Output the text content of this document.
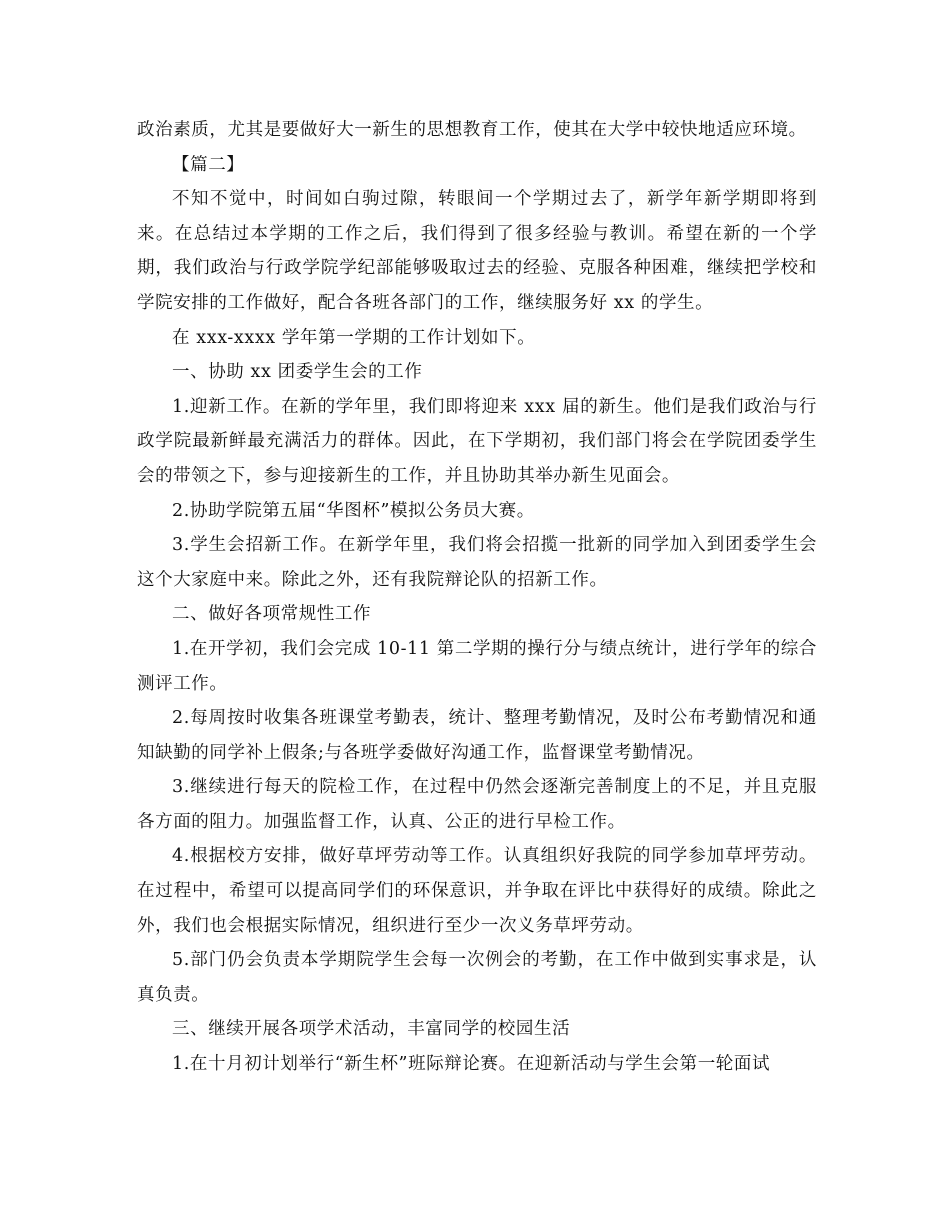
政治素质，尤其是要做好大一新生的思想教育工作，使其在大学中较快地适应环境。

【篇二】

不知不觉中，时间如白驹过隙，转眼间一个学期过去了，新学年新学期即将到来。在总结过本学期的工作之后，我们得到了很多经验与教训。希望在新的一个学期，我们政治与行政学院学纪部能够吸取过去的经验、克服各种困难，继续把学校和学院安排的工作做好，配合各班各部门的工作，继续服务好 xx 的学生。

在 xxx-xxxx 学年第一学期的工作计划如下。

一、协助 xx 团委学生会的工作

1.迎新工作。在新的学年里，我们即将迎来 xxx 届的新生。他们是我们政治与行政学院最新鲜最充满活力的群体。因此，在下学期初，我们部门将会在学院团委学生会的带领之下，参与迎接新生的工作，并且协助其举办新生见面会。

2.协助学院第五届“华图杯”模拟公务员大赛。

3.学生会招新工作。在新学年里，我们将会招揽一批新的同学加入到团委学生会这个大家庭中来。除此之外，还有我院辩论队的招新工作。

二、做好各项常规性工作

1.在开学初，我们会完成 10-11 第二学期的操行分与绩点统计，进行学年的综合测评工作。

2.每周按时收集各班课堂考勤表，统计、整理考勤情况，及时公布考勤情况和通知缺勤的同学补上假条;与各班学委做好沟通工作，监督课堂考勤情况。

3.继续进行每天的院检工作，在过程中仍然会逐渐完善制度上的不足，并且克服各方面的阻力。加强监督工作，认真、公正的进行早检工作。

4.根据校方安排，做好草坪劳动等工作。认真组织好我院的同学参加草坪劳动。在过程中，希望可以提高同学们的环保意识，并争取在评比中获得好的成绩。除此之外，我们也会根据实际情况，组织进行至少一次义务草坪劳动。

5.部门仍会负责本学期院学生会每一次例会的考勤，在工作中做到实事求是，认真负责。

三、继续开展各项学术活动，丰富同学的校园生活

1.在十月初计划举行“新生杯”班际辩论赛。在迎新活动与学生会第一轮面试
